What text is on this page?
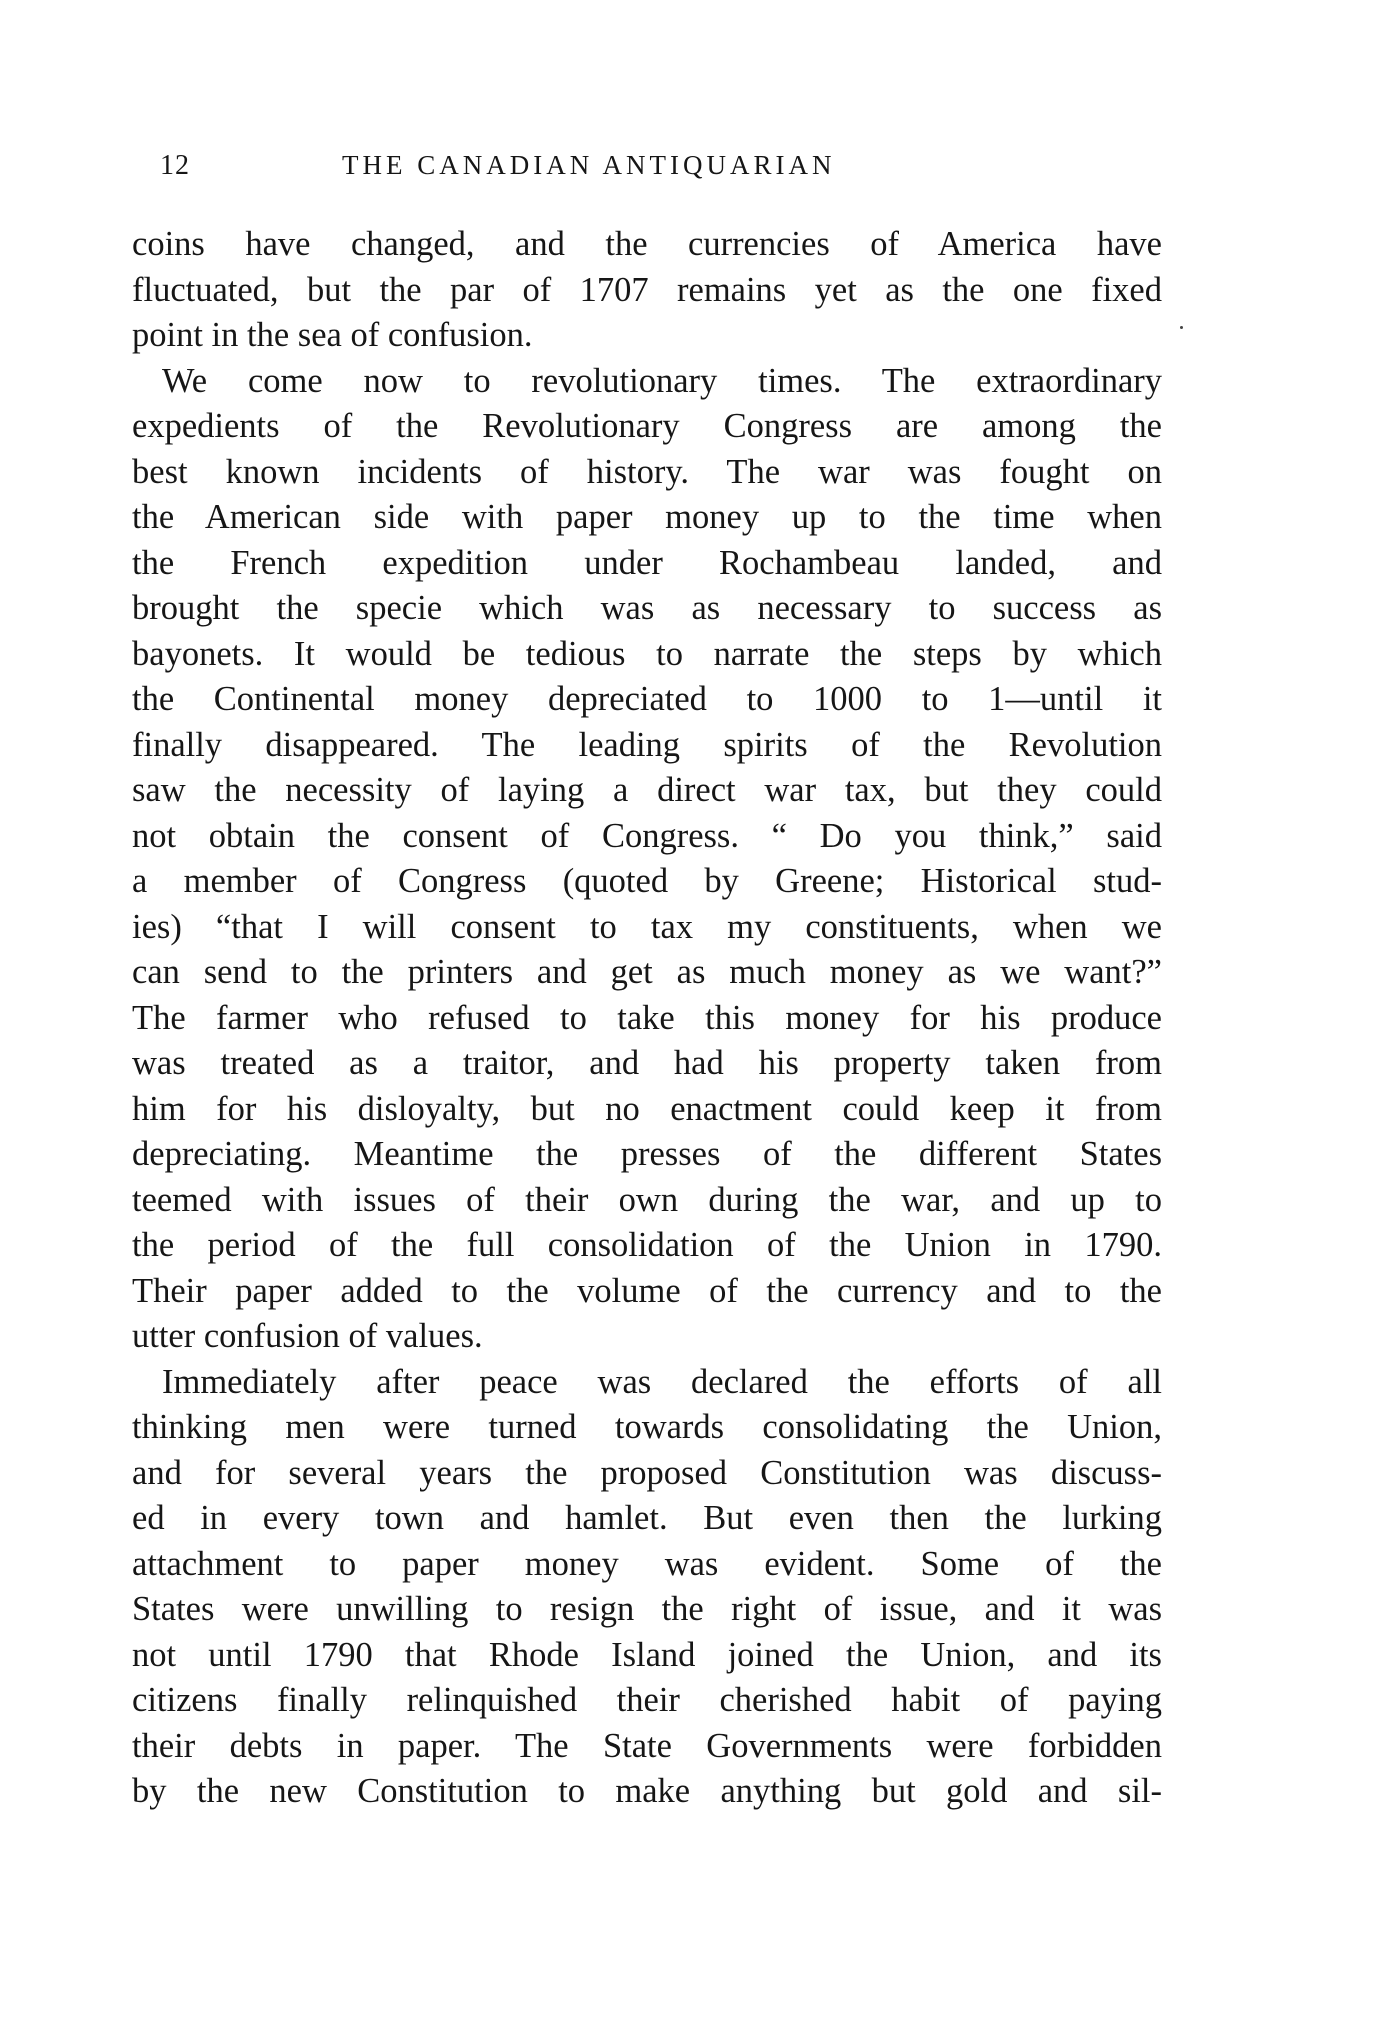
12	THE CANADIAN ANTIQUARIAN
coins have changed, and the currencies of America have
fluctuated, but the par of 1707 remains yet as the one fixed
point in the sea of confusion.
We come now to revolutionary times. The extraordinary
expedients of the Revolutionary Congress are among the
best known incidents of history. The war was fought on
the American side with paper money up to the time when
the French expedition under Rochambeau landed, and
brought the specie which was as necessary to success as
bayonets. It would be tedious to narrate the steps by which
the Continental money depreciated to 1000 to 1—until it
finally disappeared. The leading spirits of the Revolution
saw the necessity of laying a direct war tax, but they could
not obtain the consent of Congress. “ Do you think,” said
a member of Congress (quoted by Greene; Historical stud-
ies) “that I will consent to tax my constituents, when we
can send to the printers and get as much money as we want?”
The farmer who refused to take this money for his produce
was treated as a traitor, and had his property taken from
him for his disloyalty, but no enactment could keep it from
depreciating. Meantime the presses of the different States
teemed with issues of their own during the war, and up to
the period of the full consolidation of the Union in 1790.
Their paper added to the volume of the currency and to the
utter confusion of values.
Immediately after peace was declared the efforts of all
thinking men were turned towards consolidating the Union,
and for several years the proposed Constitution was discuss-
ed in every town and hamlet. But even then the lurking
attachment to paper money was evident. Some of the
States were unwilling to resign the right of issue, and it was
not until 1790 that Rhode Island joined the Union, and its
citizens finally relinquished their cherished habit of paying
their debts in paper. The State Governments were forbidden
by the new Constitution to make anything but gold and sil-
